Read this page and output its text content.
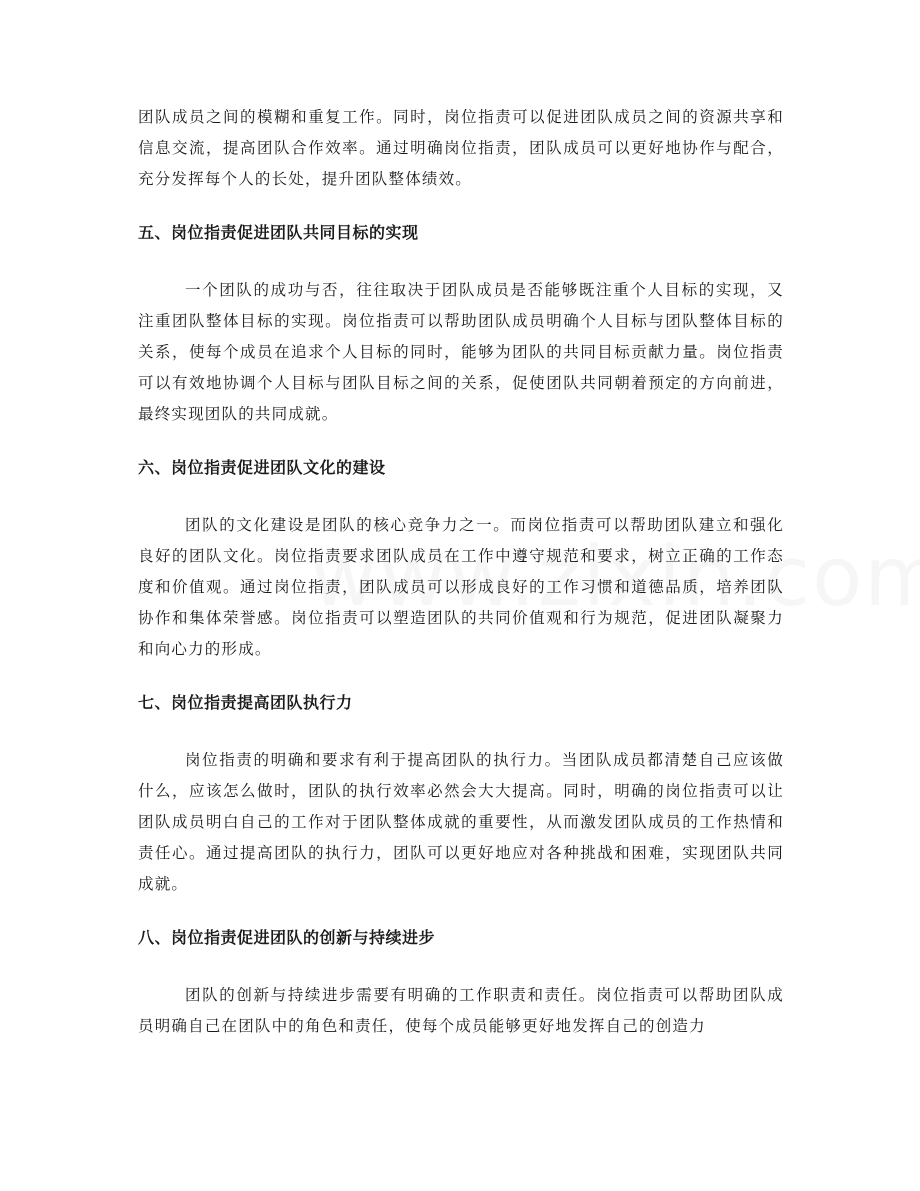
团队成员之间的模糊和重复工作。同时，岗位指责可以促进团队成员之间的资源共享和信息交流，提高团队合作效率。通过明确岗位指责，团队成员可以更好地协作与配合，充分发挥每个人的长处，提升团队整体绩效。

五、岗位指责促进团队共同目标的实现

一个团队的成功与否，往往取决于团队成员是否能够既注重个人目标的实现，又注重团队整体目标的实现。岗位指责可以帮助团队成员明确个人目标与团队整体目标的关系，使每个成员在追求个人目标的同时，能够为团队的共同目标贡献力量。岗位指责可以有效地协调个人目标与团队目标之间的关系，促使团队共同朝着预定的方向前进，最终实现团队的共同成就。

六、岗位指责促进团队文化的建设

团队的文化建设是团队的核心竞争力之一。而岗位指责可以帮助团队建立和强化良好的团队文化。岗位指责要求团队成员在工作中遵守规范和要求，树立正确的工作态度和价值观。通过岗位指责，团队成员可以形成良好的工作习惯和道德品质，培养团队协作和集体荣誉感。岗位指责可以塑造团队的共同价值观和行为规范，促进团队凝聚力和向心力的形成。

七、岗位指责提高团队执行力

岗位指责的明确和要求有利于提高团队的执行力。当团队成员都清楚自己应该做什么，应该怎么做时，团队的执行效率必然会大大提高。同时，明确的岗位指责可以让团队成员明白自己的工作对于团队整体成就的重要性，从而激发团队成员的工作热情和责任心。通过提高团队的执行力，团队可以更好地应对各种挑战和困难，实现团队共同成就。

八、岗位指责促进团队的创新与持续进步

团队的创新与持续进步需要有明确的工作职责和责任。岗位指责可以帮助团队成员明确自己在团队中的角色和责任，使每个成员能够更好地发挥自己的创造力
